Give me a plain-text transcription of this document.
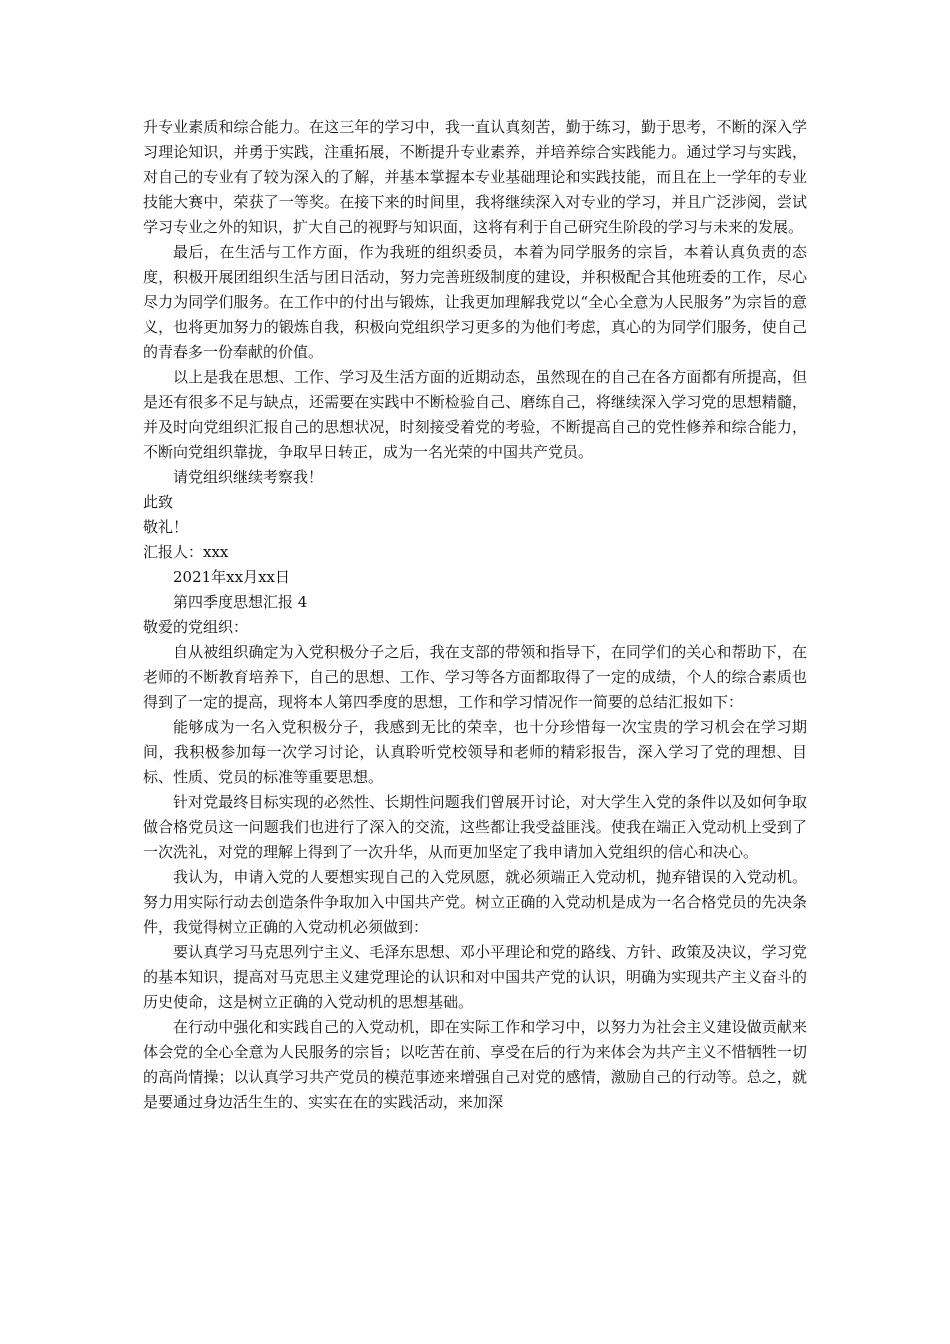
升专业素质和综合能力。在这三年的学习中，我一直认真刻苦，勤于练习，勤于思考，不断的深入学习理论知识，并勇于实践，注重拓展，不断提升专业素养，并培养综合实践能力。通过学习与实践，对自己的专业有了较为深入的了解，并基本掌握本专业基础理论和实践技能，而且在上一学年的专业技能大赛中，荣获了一等奖。在接下来的时间里，我将继续深入对专业的学习，并且广泛涉阅，尝试学习专业之外的知识，扩大自己的视野与知识面，这将有利于自己研究生阶段的学习与未来的发展。

最后，在生活与工作方面，作为我班的组织委员，本着为同学服务的宗旨，本着认真负责的态度，积极开展团组织生活与团日活动，努力完善班级制度的建设，并积极配合其他班委的工作，尽心尽力为同学们服务。在工作中的付出与锻炼，让我更加理解我党以“全心全意为人民服务”为宗旨的意义，也将更加努力的锻炼自我，积极向党组织学习更多的为他们考虑，真心的为同学们服务，使自己的青春多一份奉献的价值。

以上是我在思想、工作、学习及生活方面的近期动态，虽然现在的自己在各方面都有所提高，但是还有很多不足与缺点，还需要在实践中不断检验自己、磨练自己，将继续深入学习党的思想精髓，并及时向党组织汇报自己的思想状况，时刻接受着党的考验，不断提高自己的党性修养和综合能力，不断向党组织靠拢，争取早日转正，成为一名光荣的中国共产党员。

请党组织继续考察我！

此致

敬礼！

汇报人：xxx

2021年xx月xx日

第四季度思想汇报 4

敬爱的党组织：

自从被组织确定为入党积极分子之后，我在支部的带领和指导下，在同学们的关心和帮助下，在老师的不断教育培养下，自己的思想、工作、学习等各方面都取得了一定的成绩，个人的综合素质也得到了一定的提高，现将本人第四季度的思想，工作和学习情况作一简要的总结汇报如下：

能够成为一名入党积极分子，我感到无比的荣幸，也十分珍惜每一次宝贵的学习机会在学习期间，我积极参加每一次学习讨论，认真聆听党校领导和老师的精彩报告，深入学习了党的理想、目标、性质、党员的标准等重要思想。

针对党最终目标实现的必然性、长期性问题我们曾展开讨论，对大学生入党的条件以及如何争取做合格党员这一问题我们也进行了深入的交流，这些都让我受益匪浅。使我在端正入党动机上受到了一次洗礼，对党的理解上得到了一次升华，从而更加坚定了我申请加入党组织的信心和决心。

我认为，申请入党的人要想实现自己的入党夙愿，就必须端正入党动机，抛弃错误的入党动机。努力用实际行动去创造条件争取加入中国共产党。树立正确的入党动机是成为一名合格党员的先决条件，我觉得树立正确的入党动机必须做到：

要认真学习马克思列宁主义、毛泽东思想、邓小平理论和党的路线、方针、政策及决议，学习党的基本知识，提高对马克思主义建党理论的认识和对中国共产党的认识，明确为实现共产主义奋斗的历史使命，这是树立正确的入党动机的思想基础。

在行动中强化和实践自己的入党动机，即在实际工作和学习中，以努力为社会主义建设做贡献来体会党的全心全意为人民服务的宗旨；以吃苦在前、享受在后的行为来体会为共产主义不惜牺牲一切的高尚情操；以认真学习共产党员的模范事迹来增强自己对党的感情，激励自己的行动等。总之，就是要通过身边活生生的、实实在在的实践活动，来加深
